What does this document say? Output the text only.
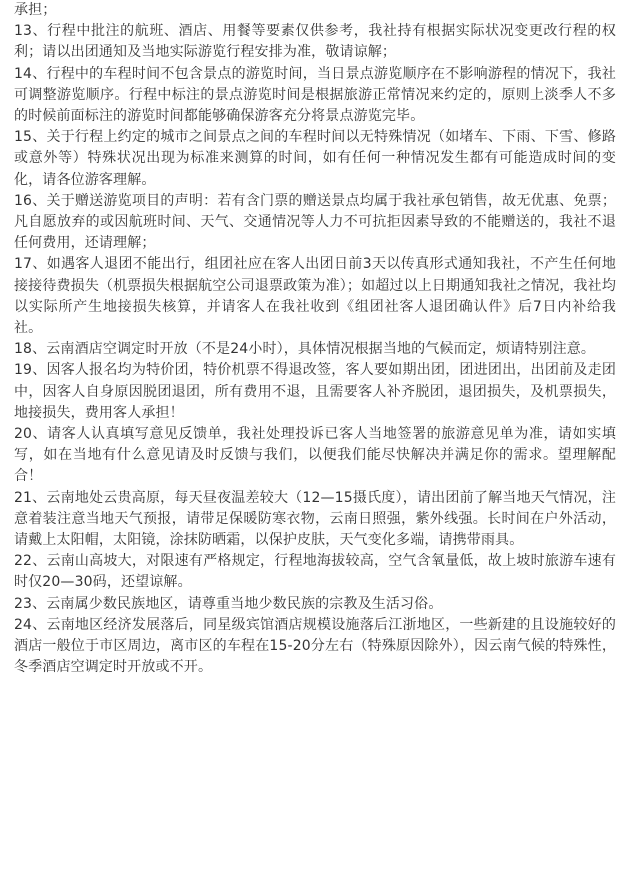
承担；

13、行程中批注的航班、酒店、用餐等要素仅供参考，我社持有根据实际状况变更改行程的权利；请以出团通知及当地实际游览行程安排为准，敬请谅解；

14、行程中的车程时间不包含景点的游览时间，当日景点游览顺序在不影响游程的情况下，我社可调整游览顺序。行程中标注的景点游览时间是根据旅游正常情况来约定的，原则上淡季人不多的时候前面标注的游览时间都能够确保游客充分将景点游览完毕。

15、关于行程上约定的城市之间景点之间的车程时间以无特殊情况（如堵车、下雨、下雪、修路或意外等）特殊状况出现为标准来测算的时间，如有任何一种情况发生都有可能造成时间的变化，请各位游客理解。

16、关于赠送游览项目的声明：若有含门票的赠送景点均属于我社承包销售，故无优惠、免票；凡自愿放弃的或因航班时间、天气、交通情况等人力不可抗拒因素导致的不能赠送的，我社不退任何费用，还请理解；

17、如遇客人退团不能出行，组团社应在客人出团日前3天以传真形式通知我社，不产生任何地接接待费损失（机票损失根据航空公司退票政策为准）；如超过以上日期通知我社之情况，我社均以实际所产生地接损失核算，并请客人在我社收到《组团社客人退团确认件》后7日内补给我社。

18、云南酒店空调定时开放（不是24小时），具体情况根据当地的气候而定，烦请特别注意。

19、因客人报名均为特价团，特价机票不得退改签，客人要如期出团，团进团出，出团前及走团中，因客人自身原因脱团退团，所有费用不退，且需要客人补齐脱团，退团损失，及机票损失，地接损失，费用客人承担！

20、请客人认真填写意见反馈单，我社处理投诉已客人当地签署的旅游意见单为准，请如实填写，如在当地有什么意见请及时反馈与我们，以便我们能尽快解决并满足你的需求。望理解配合！

21、云南地处云贵高原，每天昼夜温差较大（12—15摄氏度），请出团前了解当地天气情况，注意着装注意当地天气预报，请带足保暖防寒衣物，云南日照强，紫外线强。长时间在户外活动，请戴上太阳帽，太阳镜，涂抹防晒霜，以保护皮肤，天气变化多端，请携带雨具。

22、云南山高坡大，对限速有严格规定，行程地海拔较高，空气含氧量低，故上坡时旅游车速有时仅20—30码，还望谅解。

23、云南属少数民族地区，请尊重当地少数民族的宗教及生活习俗。

24、云南地区经济发展落后，同星级宾馆酒店规模设施落后江浙地区，一些新建的且设施较好的酒店一般位于市区周边，离市区的车程在15-20分左右（特殊原因除外），因云南气候的特殊性，冬季酒店空调定时开放或不开。
